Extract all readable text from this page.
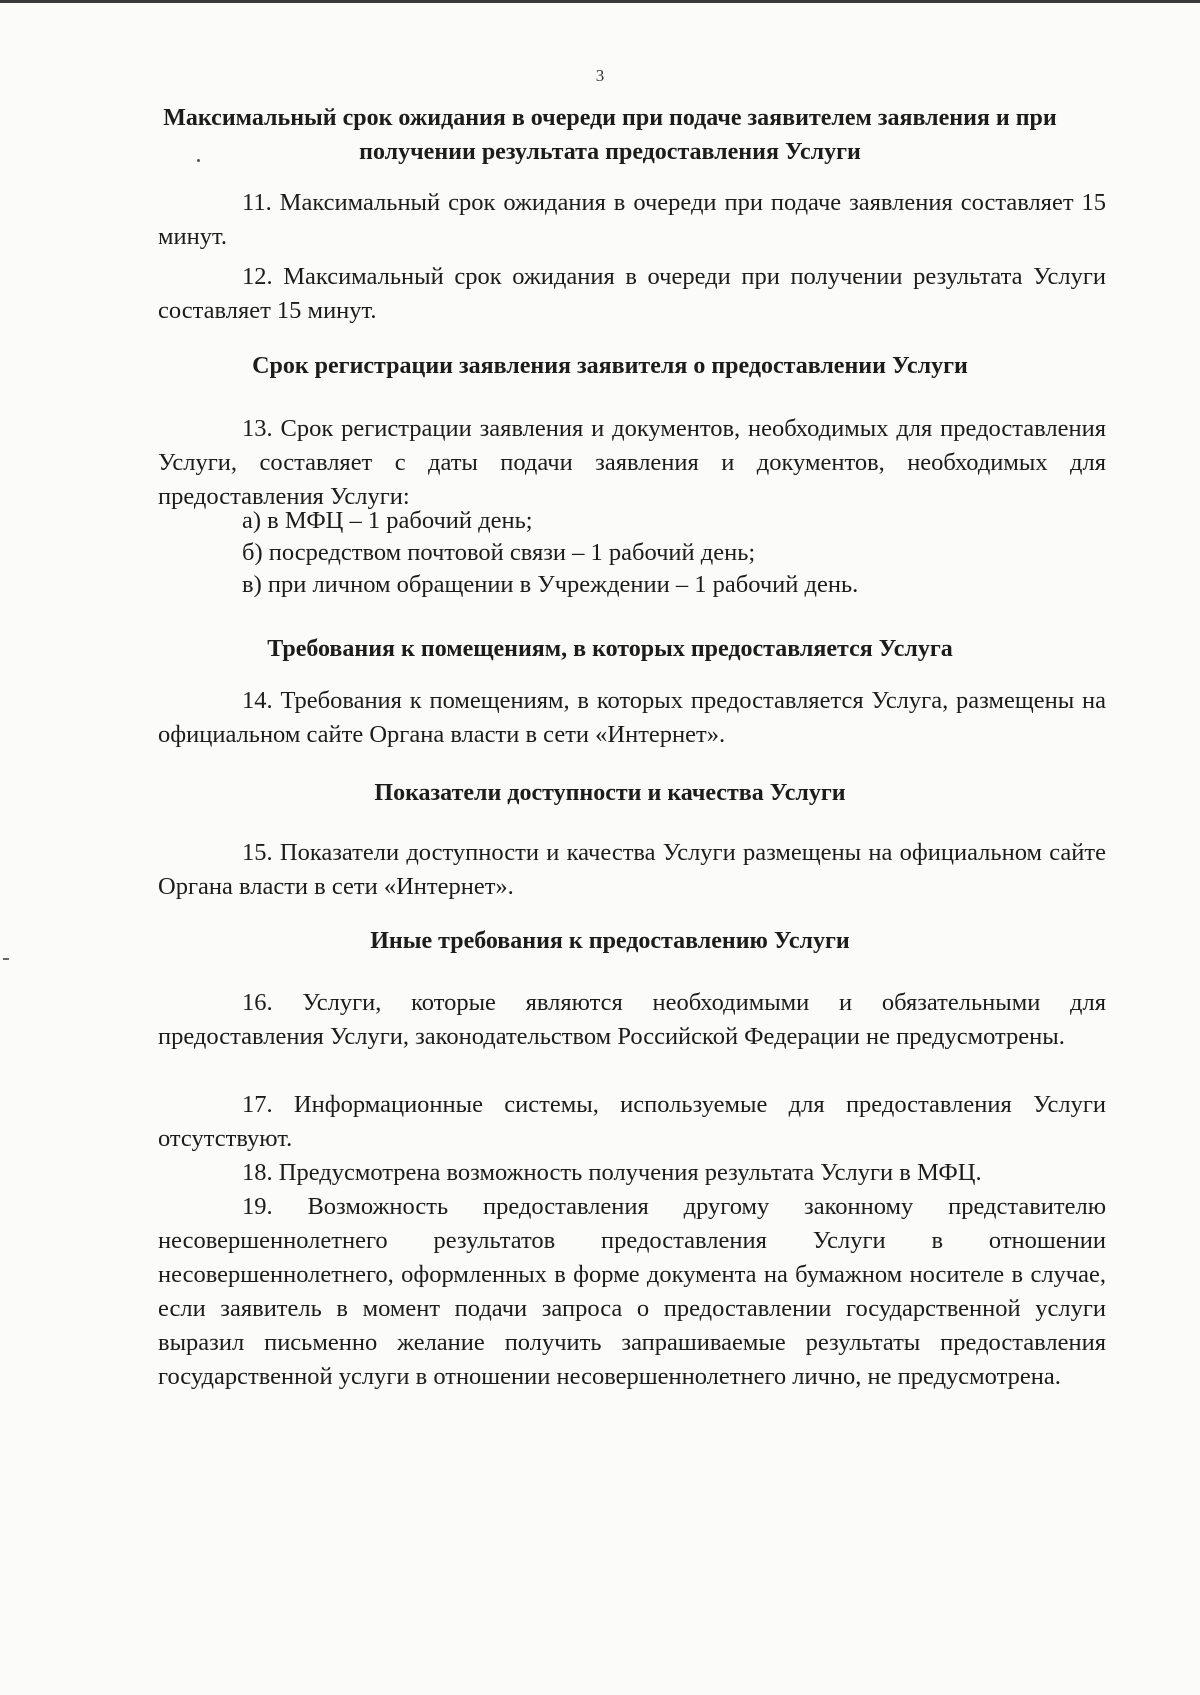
3
Максимальный срок ожидания в очереди при подаче заявителем заявления и при получении результата предоставления Услуги
11. Максимальный срок ожидания в очереди при подаче заявления составляет 15 минут.
12. Максимальный срок ожидания в очереди при получении результата Услуги составляет 15 минут.
Срок регистрации заявления заявителя о предоставлении Услуги
13. Срок регистрации заявления и документов, необходимых для предоставления Услуги, составляет с даты подачи заявления и документов, необходимых для предоставления Услуги:
а) в МФЦ – 1 рабочий день;
б) посредством почтовой связи – 1 рабочий день;
в) при личном обращении в Учреждении – 1 рабочий день.
Требования к помещениям, в которых предоставляется Услуга
14. Требования к помещениям, в которых предоставляется Услуга, размещены на официальном сайте Органа власти в сети «Интернет».
Показатели доступности и качества Услуги
15. Показатели доступности и качества Услуги размещены на официальном сайте Органа власти в сети «Интернет».
Иные требования к предоставлению Услуги
16. Услуги, которые являются необходимыми и обязательными для предоставления Услуги, законодательством Российской Федерации не предусмотрены.
17. Информационные системы, используемые для предоставления Услуги отсутствуют.
18. Предусмотрена возможность получения результата Услуги в МФЦ.
19. Возможность предоставления другому законному представителю несовершеннолетнего результатов предоставления Услуги в отношении несовершеннолетнего, оформленных в форме документа на бумажном носителе в случае, если заявитель в момент подачи запроса о предоставлении государственной услуги выразил письменно желание получить запрашиваемые результаты предоставления государственной услуги в отношении несовершеннолетнего лично, не предусмотрена.
